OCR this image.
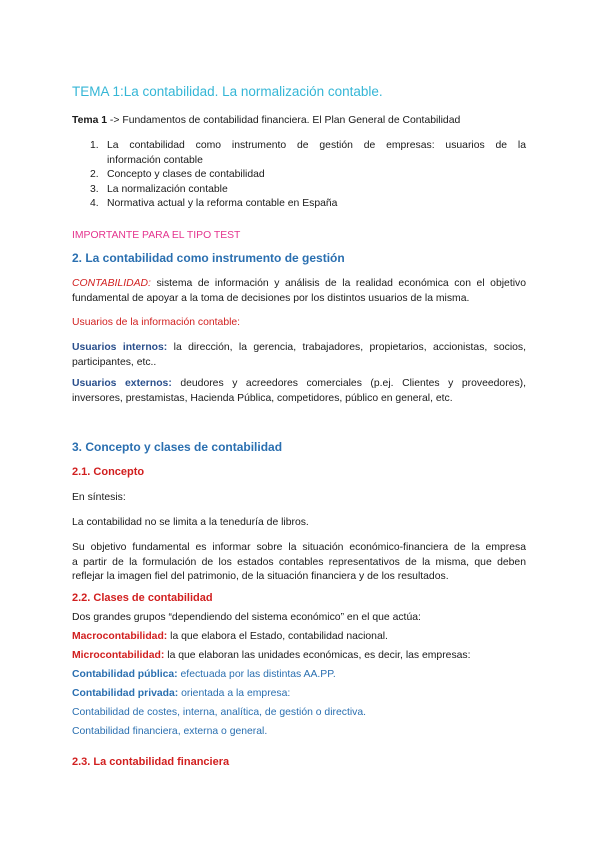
TEMA 1:La contabilidad. La normalización contable.
Tema 1 -> Fundamentos de contabilidad financiera. El Plan General de Contabilidad
1. La contabilidad como instrumento de gestión de empresas: usuarios de la
información contable
2. Concepto y clases de contabilidad
3. La normalización contable
4. Normativa actual y la reforma contable en España
IMPORTANTE PARA EL TIPO TEST
2. La contabilidad como instrumento de gestión
CONTABILIDAD: sistema de información y análisis de la realidad económica con el objetivo
fundamental de apoyar a la toma de decisiones por los distintos usuarios de la misma.
Usuarios de la información contable:
Usuarios internos: la dirección, la gerencia, trabajadores, propietarios, accionistas, socios,
participantes, etc..
Usuarios externos: deudores y acreedores comerciales (p.ej. Clientes y proveedores),
inversores, prestamistas, Hacienda Pública, competidores, público en general, etc.
3. Concepto y clases de contabilidad
2.1. Concepto
En síntesis:
La contabilidad no se limita a la teneduría de libros.
Su objetivo fundamental es informar sobre la situación económico-financiera de la empresa
a partir de la formulación de los estados contables representativos de la misma, que deben
reflejar la imagen fiel del patrimonio, de la situación financiera y de los resultados.
2.2. Clases de contabilidad
Dos grandes grupos “dependiendo del sistema económico” en el que actúa:
Macrocontabilidad: la que elabora el Estado, contabilidad nacional.
Microcontabilidad: la que elaboran las unidades económicas, es decir, las empresas:
Contabilidad pública: efectuada por las distintas AA.PP.
Contabilidad privada: orientada a la empresa:
Contabilidad de costes, interna, analítica, de gestión o directiva.
Contabilidad financiera, externa o general.
2.3. La contabilidad financiera
